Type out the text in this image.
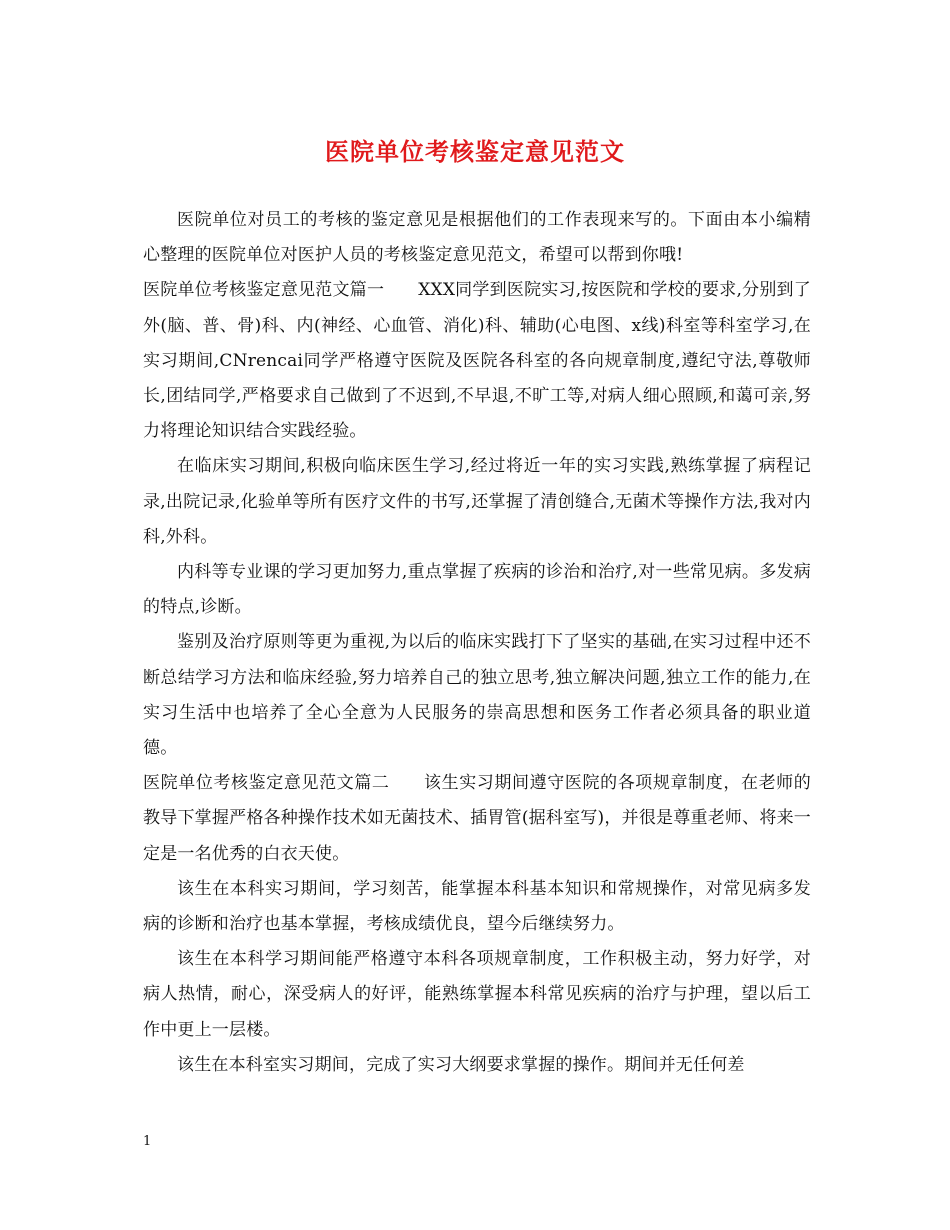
医院单位考核鉴定意见范文

医院单位对员工的考核的鉴定意见是根据他们的工作表现来写的。下面由本小编精心整理的医院单位对医护人员的考核鉴定意见范文，希望可以帮到你哦!

医院单位考核鉴定意见范文篇一 XXX同学到医院实习,按医院和学校的要求,分别到了外(脑、普、骨)科、内(神经、心血管、消化)科、辅助(心电图、x线)科室等科室学习,在实习期间,CNrencai同学严格遵守医院及医院各科室的各向规章制度,遵纪守法,尊敬师长,团结同学,严格要求自己做到了不迟到,不早退,不旷工等,对病人细心照顾,和蔼可亲,努力将理论知识结合实践经验。

在临床实习期间,积极向临床医生学习,经过将近一年的实习实践,熟练掌握了病程记录,出院记录,化验单等所有医疗文件的书写,还掌握了清创缝合,无菌术等操作方法,我对内科,外科。

内科等专业课的学习更加努力,重点掌握了疾病的诊治和治疗,对一些常见病。多发病的特点,诊断。

鉴别及治疗原则等更为重视,为以后的临床实践打下了坚实的基础,在实习过程中还不断总结学习方法和临床经验,努力培养自己的独立思考,独立解决问题,独立工作的能力,在实习生活中也培养了全心全意为人民服务的崇高思想和医务工作者必须具备的职业道德。

医院单位考核鉴定意见范文篇二 该生实习期间遵守医院的各项规章制度，在老师的教导下掌握严格各种操作技术如无菌技术、插胃管(据科室写)，并很是尊重老师、将来一定是一名优秀的白衣天使。

该生在本科实习期间，学习刻苦，能掌握本科基本知识和常规操作，对常见病多发病的诊断和治疗也基本掌握，考核成绩优良，望今后继续努力。

该生在本科学习期间能严格遵守本科各项规章制度，工作积极主动，努力好学，对病人热情，耐心，深受病人的好评，能熟练掌握本科常见疾病的治疗与护理，望以后工作中更上一层楼。

该生在本科室实习期间，完成了实习大纲要求掌握的操作。期间并无任何差

1
